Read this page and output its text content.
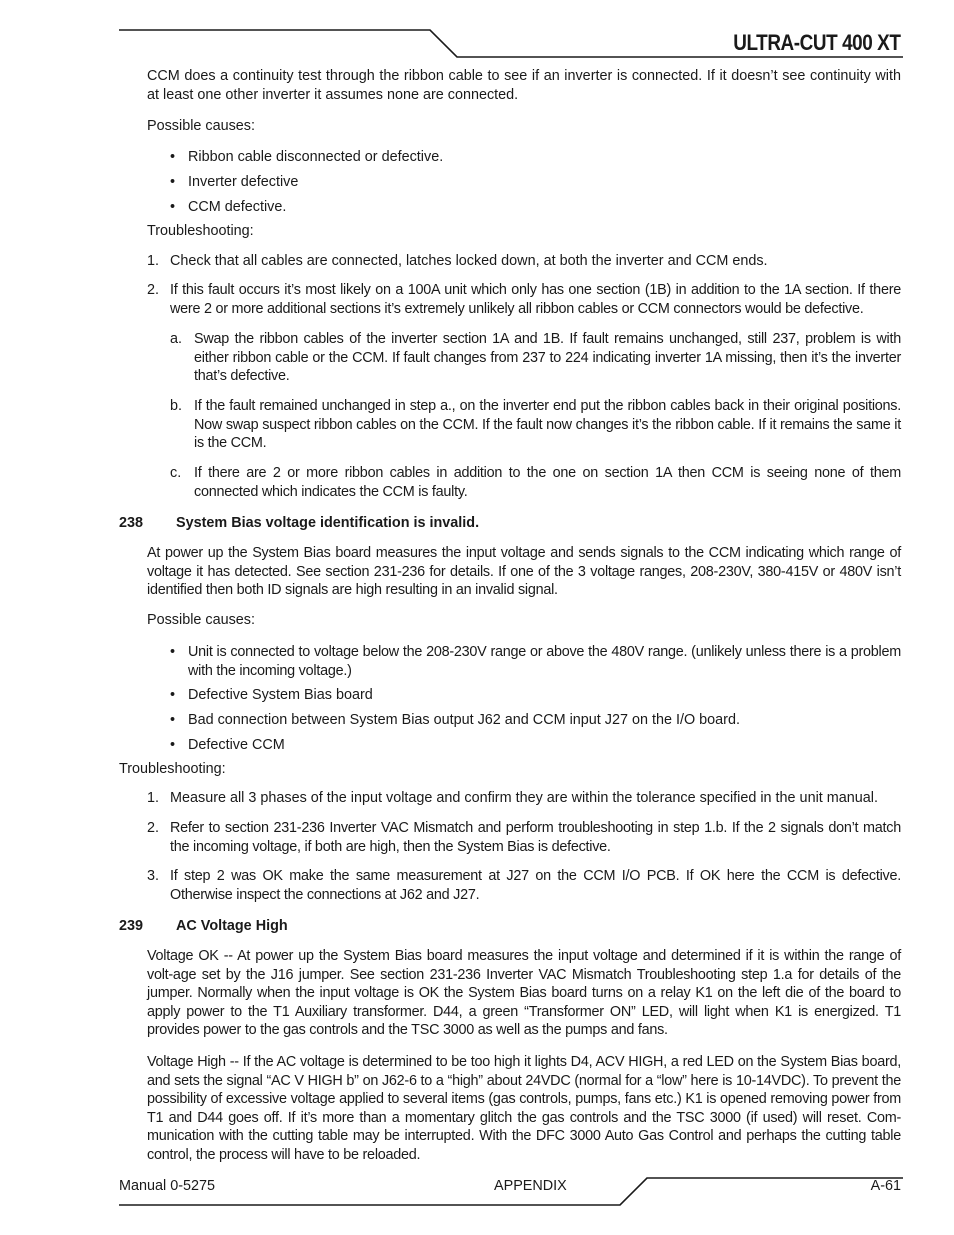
ULTRA-CUT 400 XT

CCM does a continuity test through the ribbon cable to see if an inverter is connected. If it doesn’t see continuity with at least one other inverter it assumes none are connected.

Possible causes:

• Ribbon cable disconnected or defective.

• Inverter defective

• CCM defective.

Troubleshooting:

1. Check that all cables are connected, latches locked down, at both the inverter and CCM ends.

2. If this fault occurs it’s most likely on a 100A unit which only has one section (1B) in addition to the 1A section. If there were 2 or more additional sections it’s extremely unlikely all ribbon cables or CCM connectors would be defective.

a. Swap the ribbon cables of the inverter section 1A and 1B. If fault remains unchanged, still 237, problem is with either ribbon cable or the CCM. If fault changes from 237 to 224 indicating inverter 1A missing, then it’s the inverter that’s defective.

b. If the fault remained unchanged in step a., on the inverter end put the ribbon cables back in their original positions. Now swap suspect ribbon cables on the CCM. If the fault now changes it’s the ribbon cable. If it remains the same it is the CCM.

c. If there are 2 or more ribbon cables in addition to the one on section 1A then CCM is seeing none of them connected which indicates the CCM is faulty.

238 System Bias voltage identification is invalid.

At power up the System Bias board measures the input voltage and sends signals to the CCM indicating which range of voltage it has detected. See section 231-236 for details. If one of the 3 voltage ranges, 208-230V, 380-415V or 480V isn’t identified then both ID signals are high resulting in an invalid signal.

Possible causes:

• Unit is connected to voltage below the 208-230V range or above the 480V range. (unlikely unless there is a problem with the incoming voltage.)

• Defective System Bias board

• Bad connection between System Bias output J62 and CCM input J27 on the I/O board.

• Defective CCM

Troubleshooting:

1. Measure all 3 phases of the input voltage and confirm they are within the tolerance specified in the unit manual.

2. Refer to section 231-236 Inverter VAC Mismatch and perform troubleshooting in step 1.b. If the 2 signals don’t match the incoming voltage, if both are high, then the System Bias is defective.

3. If step 2 was OK make the same measurement at J27 on the CCM I/O PCB. If OK here the CCM is defective. Otherwise inspect the connections at J62 and J27.

239 AC Voltage High

Voltage OK -- At power up the System Bias board measures the input voltage and determined if it is within the range of volt-age set by the J16 jumper. See section 231-236 Inverter VAC Mismatch Troubleshooting step 1.a for details of the jumper. Normally when the input voltage is OK the System Bias board turns on a relay K1 on the left die of the board to apply power to the T1 Auxiliary transformer. D44, a green “Transformer ON” LED, will light when K1 is energized. T1 provides power to the gas controls and the TSC 3000 as well as the pumps and fans.

Voltage High -- If the AC voltage is determined to be too high it lights D4, ACV HIGH, a red LED on the System Bias board, and sets the signal “AC V HIGH b” on J62-6 to a “high” about 24VDC (normal for a “low” here is 10-14VDC). To prevent the possibility of excessive voltage applied to several items (gas controls, pumps, fans etc.) K1 is opened removing power from T1 and D44 goes off. If it’s more than a momentary glitch the gas controls and the TSC 3000 (if used) will reset. Com-munication with the cutting table may be interrupted. With the DFC 3000 Auto Gas Control and perhaps the cutting table control, the process will have to be reloaded.

Manual 0-5275	APPENDIX	A-61
